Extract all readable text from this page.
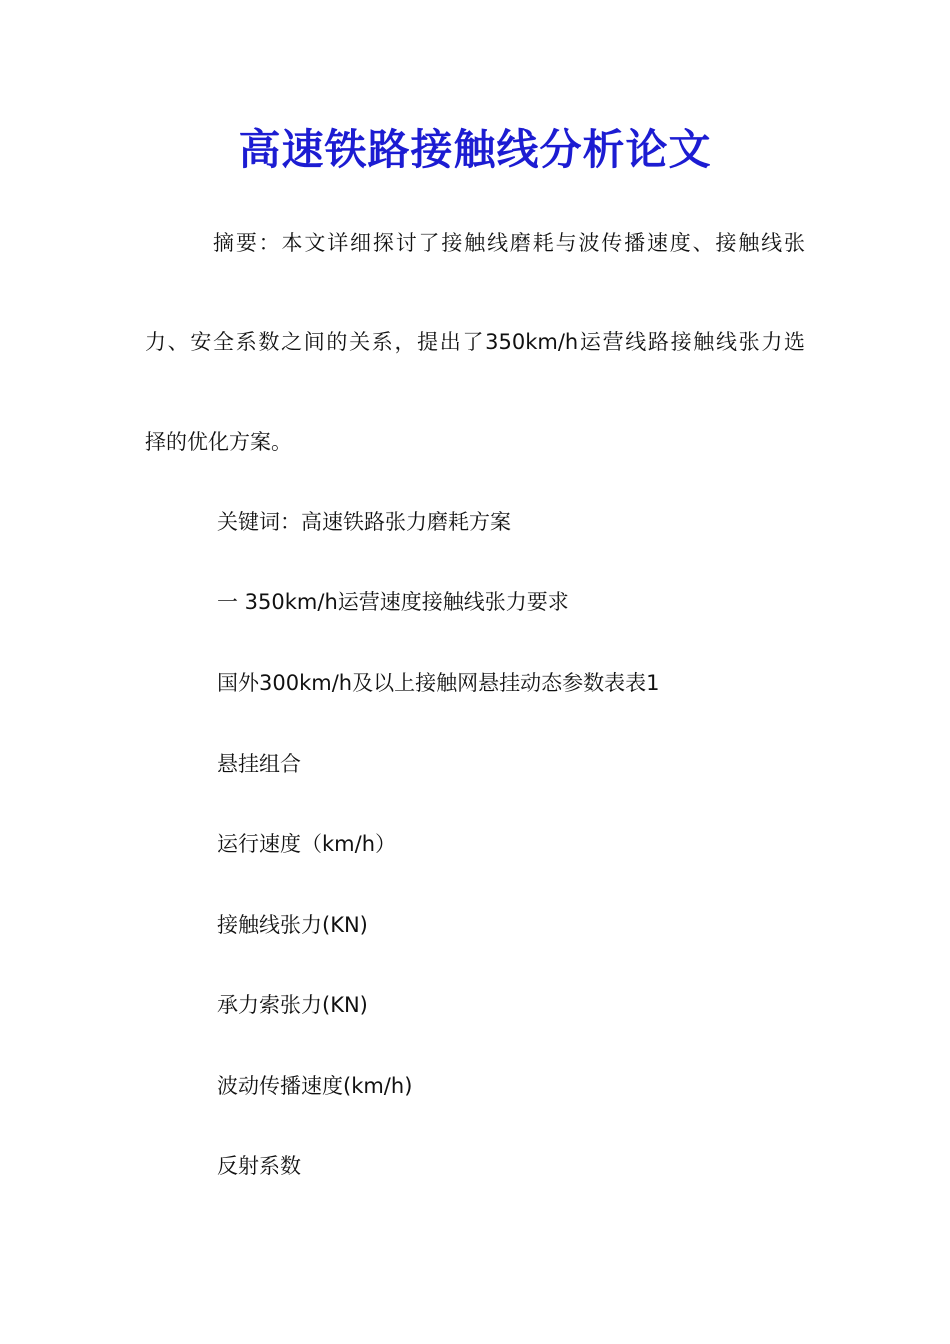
高速铁路接触线分析论文
摘要：本文详细探讨了接触线磨耗与波传播速度、接触线张
力、安全系数之间的关系，提出了350km/h运营线路接触线张力选
择的优化方案。
关键词：高速铁路张力磨耗方案
一 350km/h运营速度接触线张力要求
国外300km/h及以上接触网悬挂动态参数表表1
悬挂组合
运行速度（km/h）
接触线张力(KN)
承力索张力(KN)
波动传播速度(km/h)
反射系数
